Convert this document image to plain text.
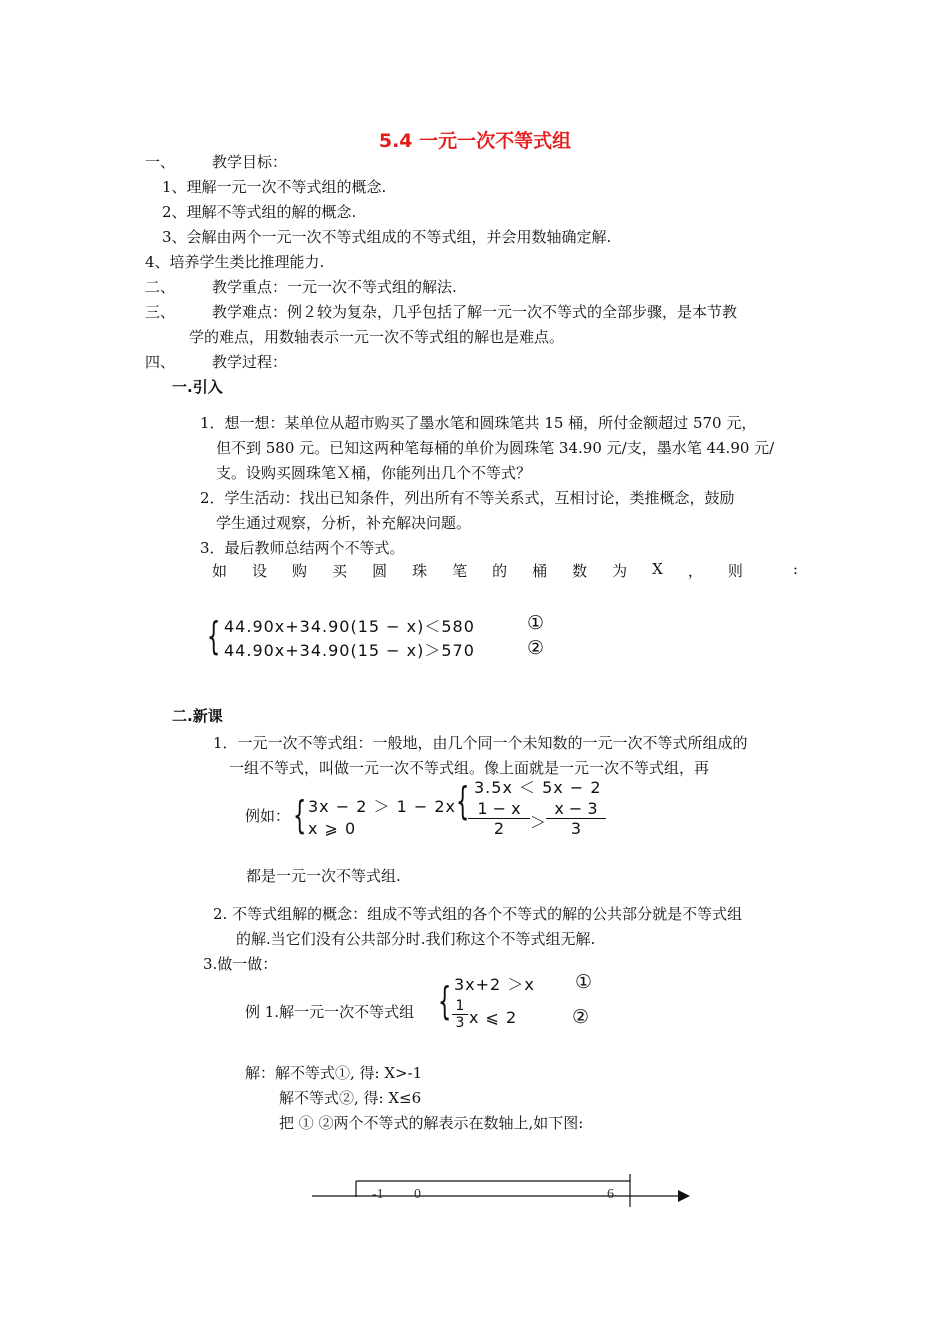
5.4 一元一次不等式组
一、 教学目标：
1、理解一元一次不等式组的概念.
2、理解不等式组的解的概念.
3、会解由两个一元一次不等式组成的不等式组，并会用数轴确定解.
4、培养学生类比推理能力.
二、 教学重点：一元一次不等式组的解法.
三、 教学难点：例２较为复杂，几乎包括了解一元一次不等式的全部步骤，是本节教
学的难点，用数轴表示一元一次不等式组的解也是难点。
四、 教学过程：
一.引入
1．想一想：某单位从超市购买了墨水笔和圆珠笔共 15 桶，所付金额超过 570 元，
但不到 580 元。已知这两种笔每桶的单价为圆珠笔 34.90 元/支，墨水笔 44.90 元/
支。设购买圆珠笔Ｘ桶，你能列出几个不等式？
2．学生活动：找出已知条件，列出所有不等关系式，互相讨论，类推概念，鼓励
学生通过观察，分析，补充解决问题。
3．最后教师总结两个不等式。
如 设 购 买 圆 珠 笔 的 桶 数 为 X ， 则	:
{ 44.90x+34.90(15 − x)＜580
44.90x+34.90(15 − x)＞570
①
②
二.新课
1．一元一次不等式组：一般地，由几个同一个未知数的一元一次不等式所组成的
一组不等式，叫做一元一次不等式组。像上面就是一元一次不等式组，再
例如： { 3x − 2 ＞ 1 − 2x
x ⩾ 0
{ 3.5x ＜ 5x − 2
1 − x
2	＞
x − 3
3
都是一元一次不等式组.
2. 不等式组解的概念：组成不等式组的各个不等式的解的公共部分就是不等式组
的解.当它们没有公共部分时.我们称这个不等式组无解.
3.做一做：
例 1.解一元一次不等式组 { 3x+2 ＞x
1
3 x ⩽ 2
①
②
解：解不等式①, 得: X>-1
解不等式②, 得: X≤6
把 ① ②两个不等式的解表示在数轴上,如下图:
-1 0	6
